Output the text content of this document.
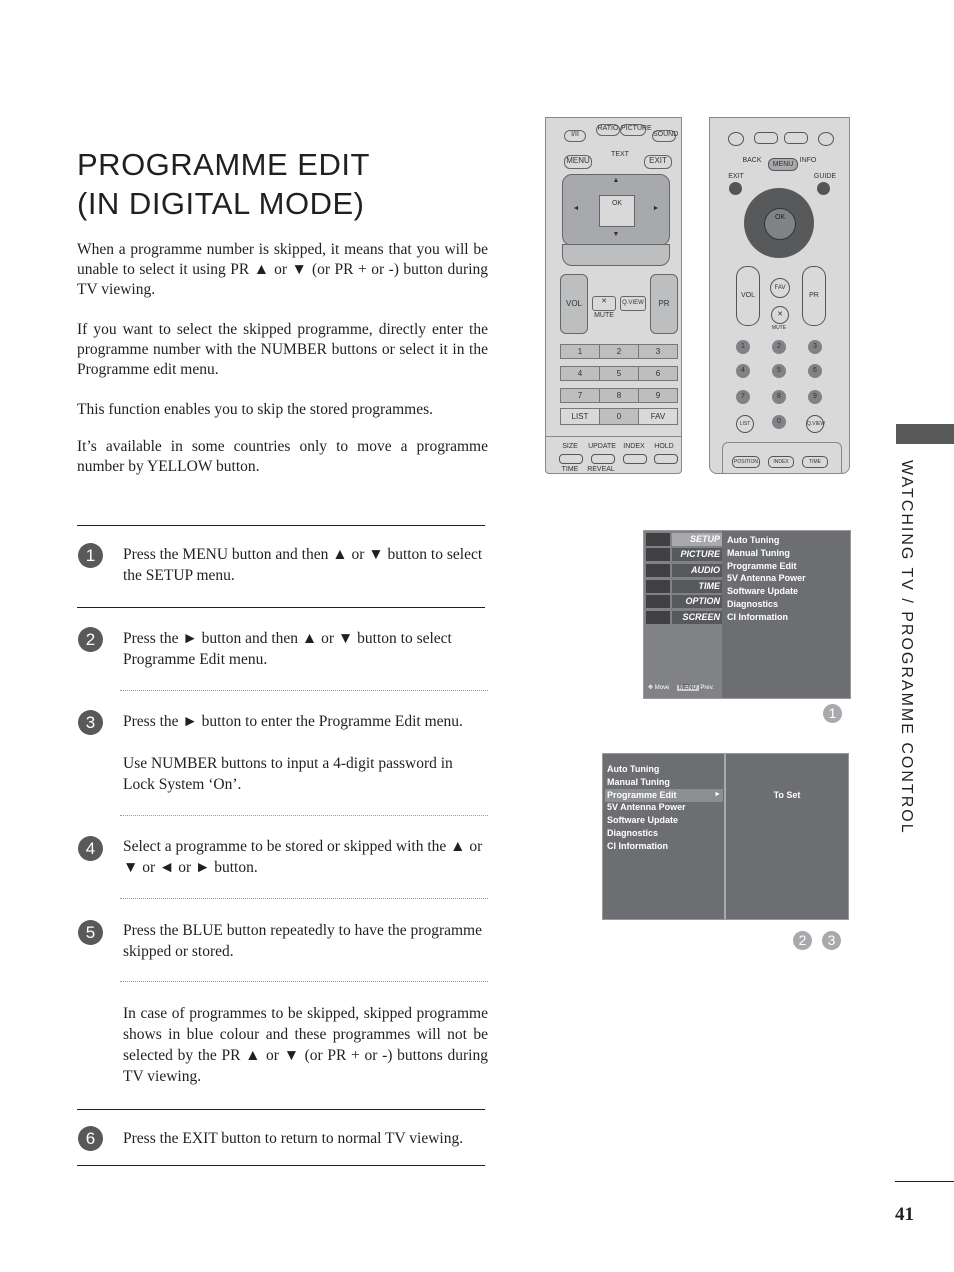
PROGRAMME EDIT
(IN DIGITAL MODE)

When a programme number is skipped, it means that you will be unable to select it using PR ▲ or ▼ (or PR + or -) button during TV viewing.

If you want to select the skipped programme, directly enter the programme number with the NUMBER buttons or select it in the Programme edit menu.

This function enables you to skip the stored programmes.

It’s available in some countries only to move a programme number by YELLOW button.

1	Press the MENU button and then ▲ or ▼ button to select the SETUP menu.
2	Press the ► button and then ▲ or ▼ button to select Programme Edit menu.
3	Press the ► button to enter the Programme Edit menu.
Use NUMBER buttons to input a 4-digit password in Lock System ‘On’.
4	Select a programme to be stored or skipped with the ▲ or ▼ or ◄ or ► button.
5	Press the BLUE button repeatedly to have the programme skipped or stored.
In case of programmes to be skipped, skipped programme shows in blue colour and these programmes will not be selected by the PR ▲ or ▼ (or PR + or -) buttons during TV viewing.
6	Press the EXIT button to return to normal TV viewing.
I/II
RATIO PICTURE
SOUND
MENU
TEXT
EXIT
OK
▲
▼
◄	►
VOL	PR
✕
MUTE
Q.VIEW
1	2	3
4	5	6
7	8	9
LIST	0	FAV
SIZE	UPDATE INDEX	HOLD
TIME	REVEAL
BACK
MENU
INFO
EXIT	GUIDE
OK
VOL	PR
FAV
✕
MUTE
1	2	3
4	5	6
7	8	9
LIST	0	Q.VIEW
POSITION	INDEX	TIME
SETUP
PICTURE
AUDIO
TIME
OPTION
SCREEN
✥ Move MENU Prev.
Auto Tuning
Manual Tuning
Programme Edit
5V Antenna Power
Software Update
Diagnostics
CI Information
1
Auto Tuning
Manual Tuning
Programme Edit	►
5V Antenna Power
Software Update
Diagnostics
CI Information
To Set
2	3
WATCHING TV / PROGRAMME CONTROL
41
